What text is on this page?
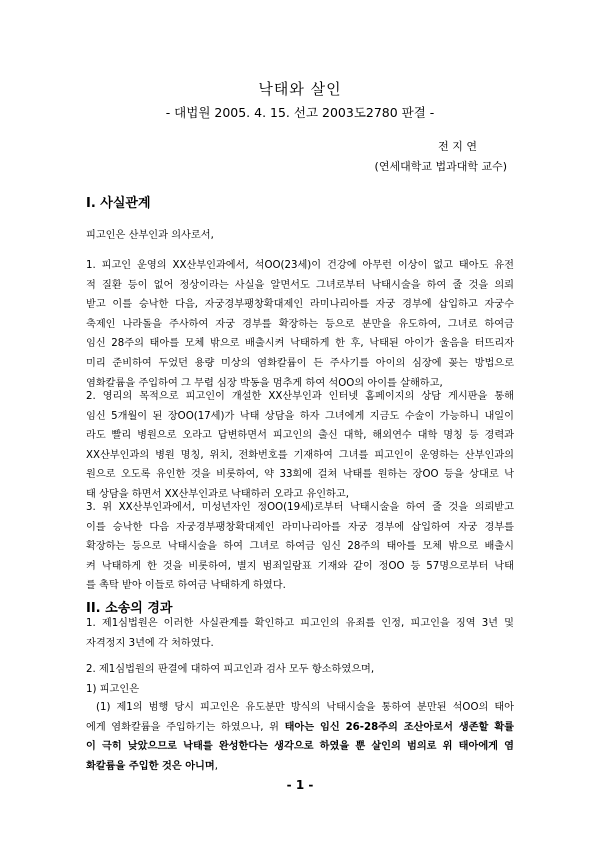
낙태와 살인
- 대법원 2005. 4. 15. 선고 2003도2780 판결 -
전 지 연
(연세대학교 법과대학 교수)
I. 사실관계
피고인은 산부인과 의사로서,
1. 피고인 운영의 XX산부인과에서, 석OO(23세)이 건강에 아무런 이상이 없고 태아도 유전
적 질환 등이 없어 정상이라는 사실을 알면서도 그녀로부터 낙태시술을 하여 줄 것을 의뢰
받고 이를 승낙한 다음, 자궁경부팽창확대제인 라미나리아를 자궁 경부에 삽입하고 자궁수
축제인 나라돌을 주사하여 자궁 경부를 확장하는 등으로 분만을 유도하여, 그녀로 하여금
임신 28주의 태아를 모체 밖으로 배출시켜 낙태하게 한 후, 낙태된 아이가 울음을 터뜨리자
미리 준비하여 두었던 용량 미상의 염화칼륨이 든 주사기를 아이의 심장에 꽂는 방법으로
염화칼륨을 주입하여 그 무렵 심장 박동을 멈추게 하여 석OO의 아이를 살해하고,
2. 영리의 목적으로 피고인이 개설한 XX산부인과 인터넷 홈페이지의 상담 게시판을 통해
임신 5개월이 된 장OO(17세)가 낙태 상담을 하자 그녀에게 지금도 수술이 가능하니 내일이
라도 빨리 병원으로 오라고 답변하면서 피고인의 출신 대학, 해외연수 대학 명칭 등 경력과
XX산부인과의 병원 명칭, 위치, 전화번호를 기재하여 그녀를 피고인이 운영하는 산부인과의
원으로 오도록 유인한 것을 비롯하여, 약 33회에 걸쳐 낙태를 원하는 장OO 등을 상대로 낙
태 상담을 하면서 XX산부인과로 낙태하러 오라고 유인하고,
3. 위 XX산부인과에서, 미성년자인 정OO(19세)로부터 낙태시술을 하여 줄 것을 의뢰받고
이를 승낙한 다음 자궁경부팽창확대제인 라미나리아를 자궁 경부에 삽입하여 자궁 경부를
확장하는 등으로 낙태시술을 하여 그녀로 하여금 임신 28주의 태아를 모체 밖으로 배출시
켜 낙태하게 한 것을 비롯하여, 별지 범죄일람표 기재와 같이 정OO 등 57명으로부터 낙태
를 촉탁 받아 이들로 하여금 낙태하게 하였다.
II. 소송의 경과
1. 제1심법원은 이러한 사실관계를 확인하고 피고인의 유죄를 인정, 피고인을 징역 3년 및
자격정지 3년에 각 처하였다.
2. 제1심법원의 판결에 대하여 피고인과 검사 모두 항소하였으며,
1) 피고인은
(1) 제1의 범행 당시 피고인은 유도분만 방식의 낙태시술을 통하여 분만된 석OO의 태아
에게 염화칼륨을 주입하기는 하였으나, 위 태아는 임신 26-28주의 조산아로서 생존할 확률
이 극히 낮았으므로 낙태를 완성한다는 생각으로 하였을 뿐 살인의 범의로 위 태아에게 염
화칼륨을 주입한 것은 아니며,
- 1 -
